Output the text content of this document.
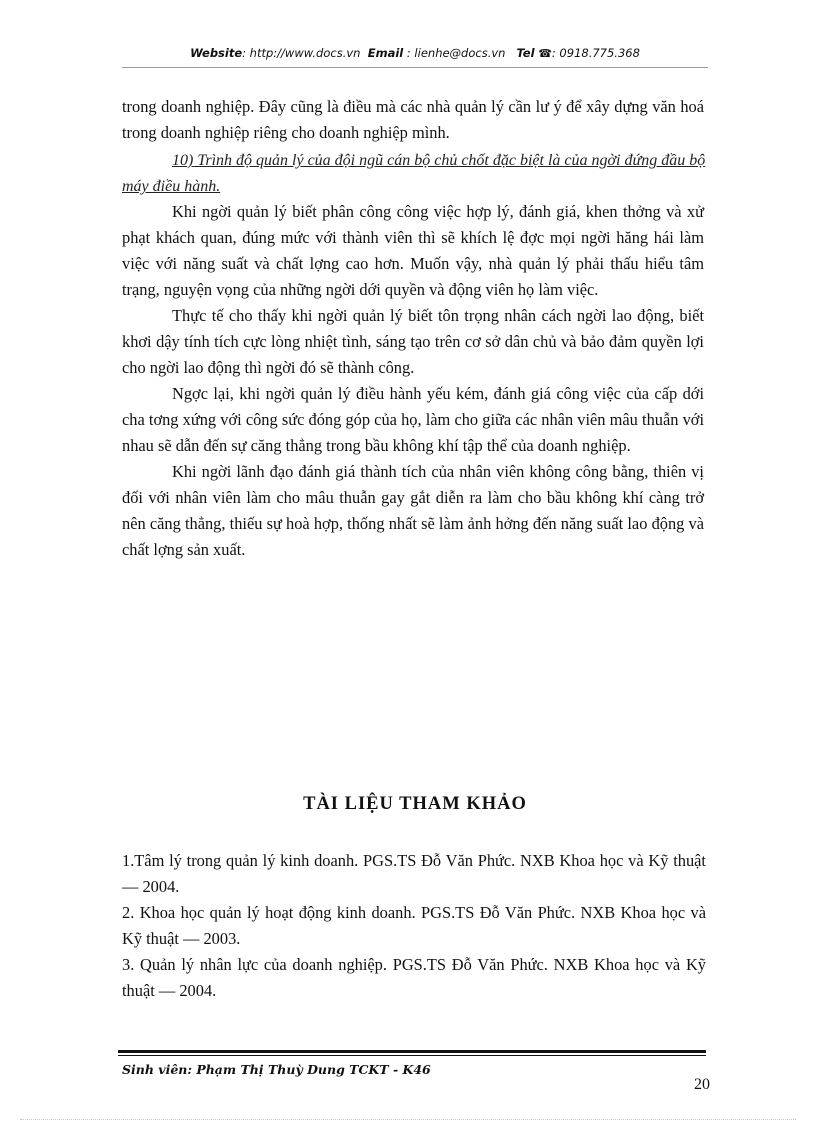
Website: http://www.docs.vn Email : lienhe@docs.vn Tel ☎: 0918.775.368

trong doanh nghiệp. Đây cũng là điều mà các nhà quản lý cần lư ý để xây dựng văn hoá trong doanh nghiệp riêng cho doanh nghiệp mình.

10) Trình độ quản lý của đội ngũ cán bộ chủ chốt đặc biệt là của ngời đứng đầu bộ máy điều hành.

Khi ngời quản lý biết phân công công việc hợp lý, đánh giá, khen thởng và xử phạt khách quan, đúng mức với thành viên thì sẽ khích lệ đợc mọi ngời hăng hái làm việc với năng suất và chất lợng cao hơn. Muốn vậy, nhà quản lý phải thấu hiểu tâm trạng, nguyện vọng của những ngời dới quyền và động viên họ làm việc.

Thực tế cho thấy khi ngời quản lý biết tôn trọng nhân cách ngời lao động, biết khơi dậy tính tích cực lòng nhiệt tình, sáng tạo trên cơ sở dân chủ và bảo đảm quyền lợi cho ngời lao động thì ngời đó sẽ thành công.

Ngợc lại, khi ngời quản lý điều hành yếu kém, đánh giá công việc của cấp dới cha tơng xứng với công sức đóng góp của họ, làm cho giữa các nhân viên mâu thuẫn với nhau sẽ dẫn đến sự căng thẳng trong bầu không khí tập thể của doanh nghiệp.

Khi ngời lãnh đạo đánh giá thành tích của nhân viên không công bằng, thiên vị đối với nhân viên làm cho mâu thuẫn gay gắt diễn ra làm cho bầu không khí càng trở nên căng thẳng, thiếu sự hoà hợp, thống nhất sẽ làm ảnh hởng đến năng suất lao động và chất lợng sản xuất.

TÀI LIỆU THAM KHẢO

1.Tâm lý trong quản lý kinh doanh. PGS.TS Đỗ Văn Phức. NXB Khoa học và Kỹ thuật — 2004.

2. Khoa học quản lý hoạt động kinh doanh. PGS.TS Đỗ Văn Phức. NXB Khoa học và Kỹ thuật — 2003.

3. Quản lý nhân lực của doanh nghiệp. PGS.TS Đỗ Văn Phức. NXB Khoa học và Kỹ thuật — 2004.

Sinh viên: Phạm Thị Thuỳ Dung TCKT - K46
20
